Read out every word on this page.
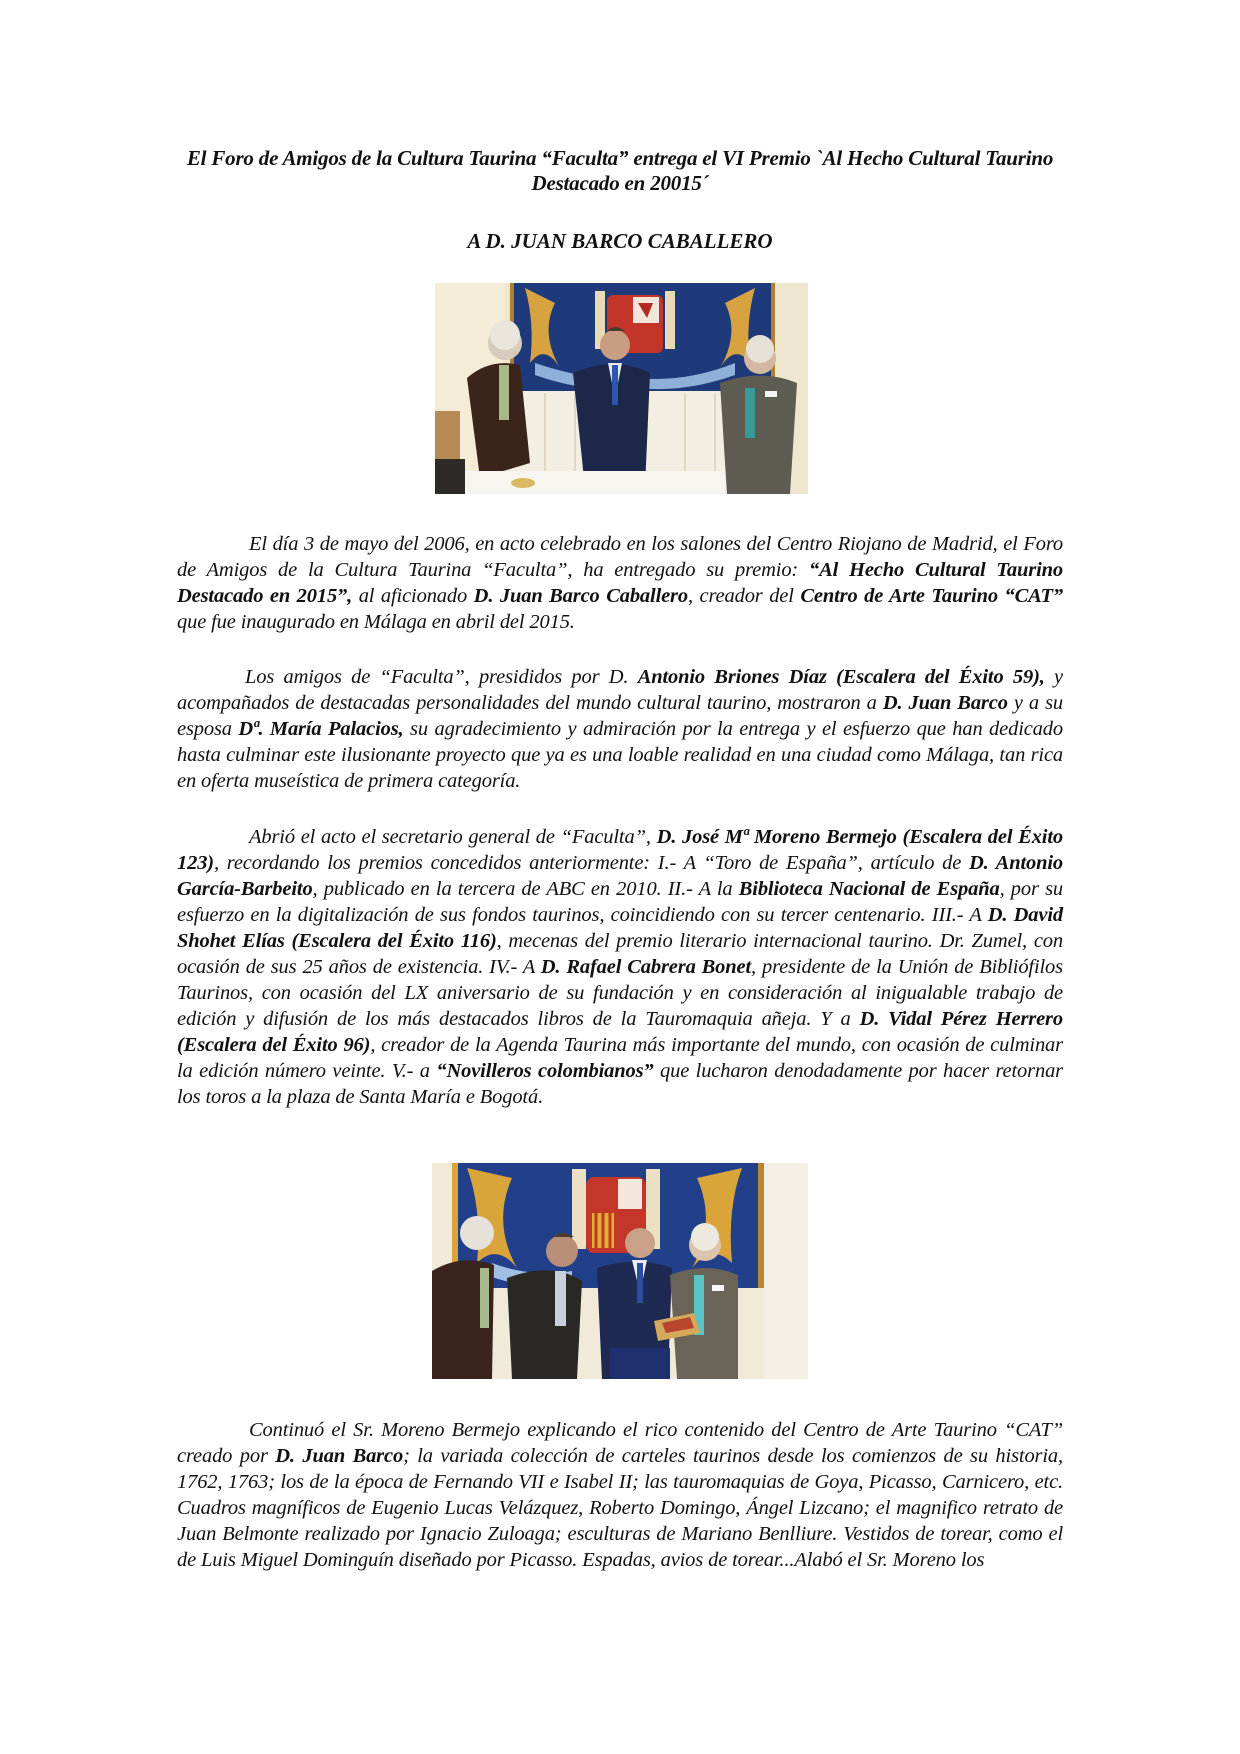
El Foro de Amigos de la Cultura Taurina “Faculta” entrega el VI Premio `Al Hecho Cultural Taurino Destacado en 20015´
A D. JUAN BARCO CABALLERO
El día 3 de mayo del 2006, en acto celebrado en los salones del Centro Riojano de Madrid, el Foro de Amigos de la Cultura Taurina “Faculta”, ha entregado su premio: “Al Hecho Cultural Taurino Destacado en 2015”, al aficionado D. Juan Barco Caballero, creador del Centro de Arte Taurino “CAT” que fue inaugurado en Málaga en abril del 2015.
Los amigos de “Faculta”, presididos por D. Antonio Briones Díaz (Escalera del Éxito 59), y acompañados de destacadas personalidades del mundo cultural taurino, mostraron a D. Juan Barco y a su esposa Dª. María Palacios, su agradecimiento y admiración por la entrega y el esfuerzo que han dedicado hasta culminar este ilusionante proyecto que ya es una loable realidad en una ciudad como Málaga, tan rica en oferta museística de primera categoría.
Abrió el acto el secretario general de “Faculta”, D. José Mª Moreno Bermejo (Escalera del Éxito 123), recordando los premios concedidos anteriormente: I.- A “Toro de España”, artículo de D. Antonio García-Barbeito, publicado en la tercera de ABC en 2010. II.- A la Biblioteca Nacional de España, por su esfuerzo en la digitalización de sus fondos taurinos, coincidiendo con su tercer centenario. III.- A D. David Shohet Elías (Escalera del Éxito 116), mecenas del premio literario internacional taurino. Dr. Zumel, con ocasión de sus 25 años de existencia. IV.- A D. Rafael Cabrera Bonet, presidente de la Unión de Bibliófilos Taurinos, con ocasión del LX aniversario de su fundación y en consideración al inigualable trabajo de edición y difusión de los más destacados libros de la Tauromaquia añeja. Y a D. Vidal Pérez Herrero (Escalera del Éxito 96), creador de la Agenda Taurina más importante del mundo, con ocasión de culminar la edición número veinte. V.- a “Novilleros colombianos” que lucharon denodadamente por hacer retornar los toros a la plaza de Santa María e Bogotá.
Continuó el Sr. Moreno Bermejo explicando el rico contenido del Centro de Arte Taurino “CAT” creado por D. Juan Barco; la variada colección de carteles taurinos desde los comienzos de su historia, 1762, 1763; los de la época de Fernando VII e Isabel II; las tauromaquias de Goya, Picasso, Carnicero, etc. Cuadros magníficos de Eugenio Lucas Velázquez, Roberto Domingo, Ángel Lizcano; el magnifico retrato de Juan Belmonte realizado por Ignacio Zuloaga; esculturas de Mariano Benlliure. Vestidos de torear, como el de Luis Miguel Dominguín diseñado por Picasso. Espadas, avios de torear...Alabó el Sr. Moreno los
